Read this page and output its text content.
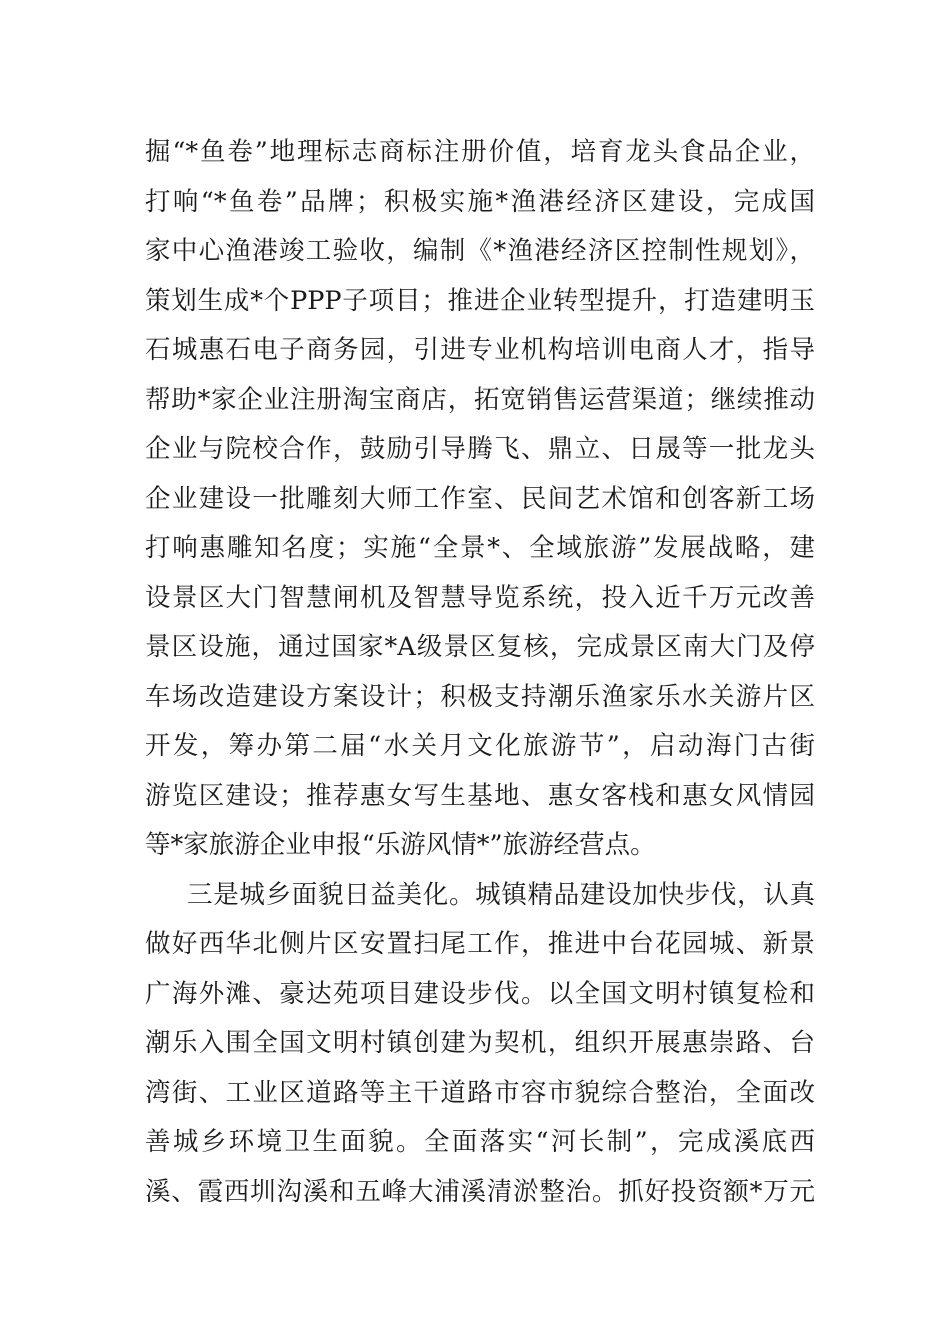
掘“*鱼卷”地理标志商标注册价值，培育龙头食品企业，
打响“*鱼卷”品牌；积极实施*渔港经济区建设，完成国
家中心渔港竣工验收，编制《*渔港经济区控制性规划》，
策划生成*个PPP子项目；推进企业转型提升，打造建明玉
石城惠石电子商务园，引进专业机构培训电商人才，指导
帮助*家企业注册淘宝商店，拓宽销售运营渠道；继续推动
企业与院校合作，鼓励引导腾飞、鼎立、日晟等一批龙头
企业建设一批雕刻大师工作室、民间艺术馆和创客新工场
打响惠雕知名度；实施“全景*、全域旅游”发展战略，建
设景区大门智慧闸机及智慧导览系统，投入近千万元改善
景区设施，通过国家*A级景区复核，完成景区南大门及停
车场改造建设方案设计；积极支持潮乐渔家乐水关游片区
开发，筹办第二届“水关月文化旅游节”，启动海门古街
游览区建设；推荐惠女写生基地、惠女客栈和惠女风情园
等*家旅游企业申报“乐游风情*”旅游经营点。
三是城乡面貌日益美化。城镇精品建设加快步伐，认真
做好西华北侧片区安置扫尾工作，推进中台花园城、新景
广海外滩、豪达苑项目建设步伐。以全国文明村镇复检和
潮乐入围全国文明村镇创建为契机，组织开展惠崇路、台
湾街、工业区道路等主干道路市容市貌综合整治，全面改
善城乡环境卫生面貌。全面落实“河长制”，完成溪底西
溪、霞西圳沟溪和五峰大浦溪清淤整治。抓好投资额*万元
